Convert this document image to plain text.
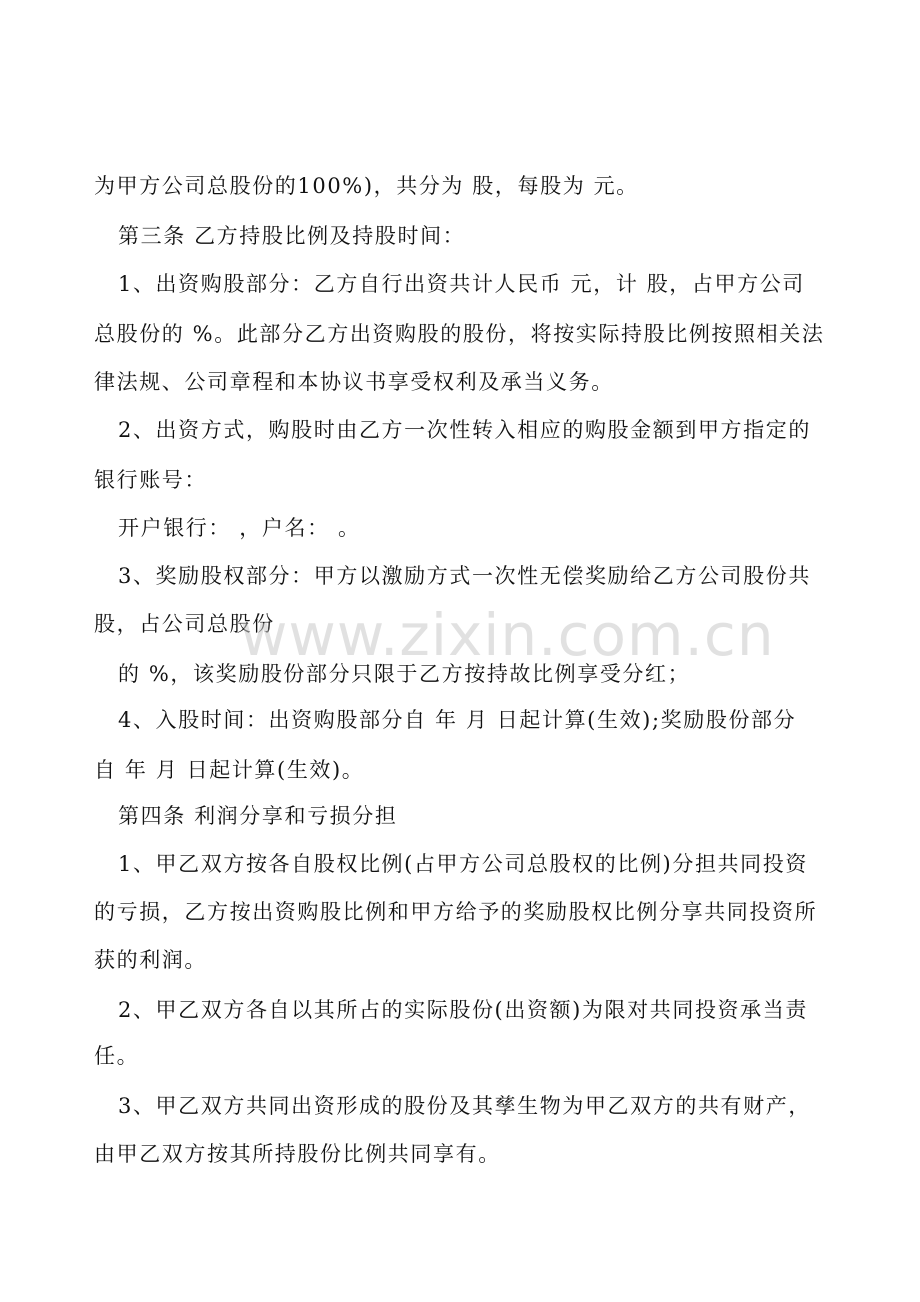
为甲方公司总股份的100%)，共分为 股，每股为 元。
第三条 乙方持股比例及持股时间：
1、出资购股部分：乙方自行出资共计人民币 元，计 股，占甲方公司
总股份的 %。此部分乙方出资购股的股份，将按实际持股比例按照相关法
律法规、公司章程和本协议书享受权利及承当义务。
2、出资方式，购股时由乙方一次性转入相应的购股金额到甲方指定的
银行账号：
开户银行： ，户名： 。
3、奖励股权部分：甲方以激励方式一次性无偿奖励给乙方公司股份共
股，占公司总股份
的 %，该奖励股份部分只限于乙方按持故比例享受分红；
4、入股时间：出资购股部分自 年 月 日起计算(生效);奖励股份部分
自 年 月 日起计算(生效)。
第四条 利润分享和亏损分担
1、甲乙双方按各自股权比例(占甲方公司总股权的比例)分担共同投资
的亏损，乙方按出资购股比例和甲方给予的奖励股权比例分享共同投资所
获的利润。
2、甲乙双方各自以其所占的实际股份(出资额)为限对共同投资承当责
任。
3、甲乙双方共同出资形成的股份及其孳生物为甲乙双方的共有财产，
由甲乙双方按其所持股份比例共同享有。
www.zixin.com.cn
